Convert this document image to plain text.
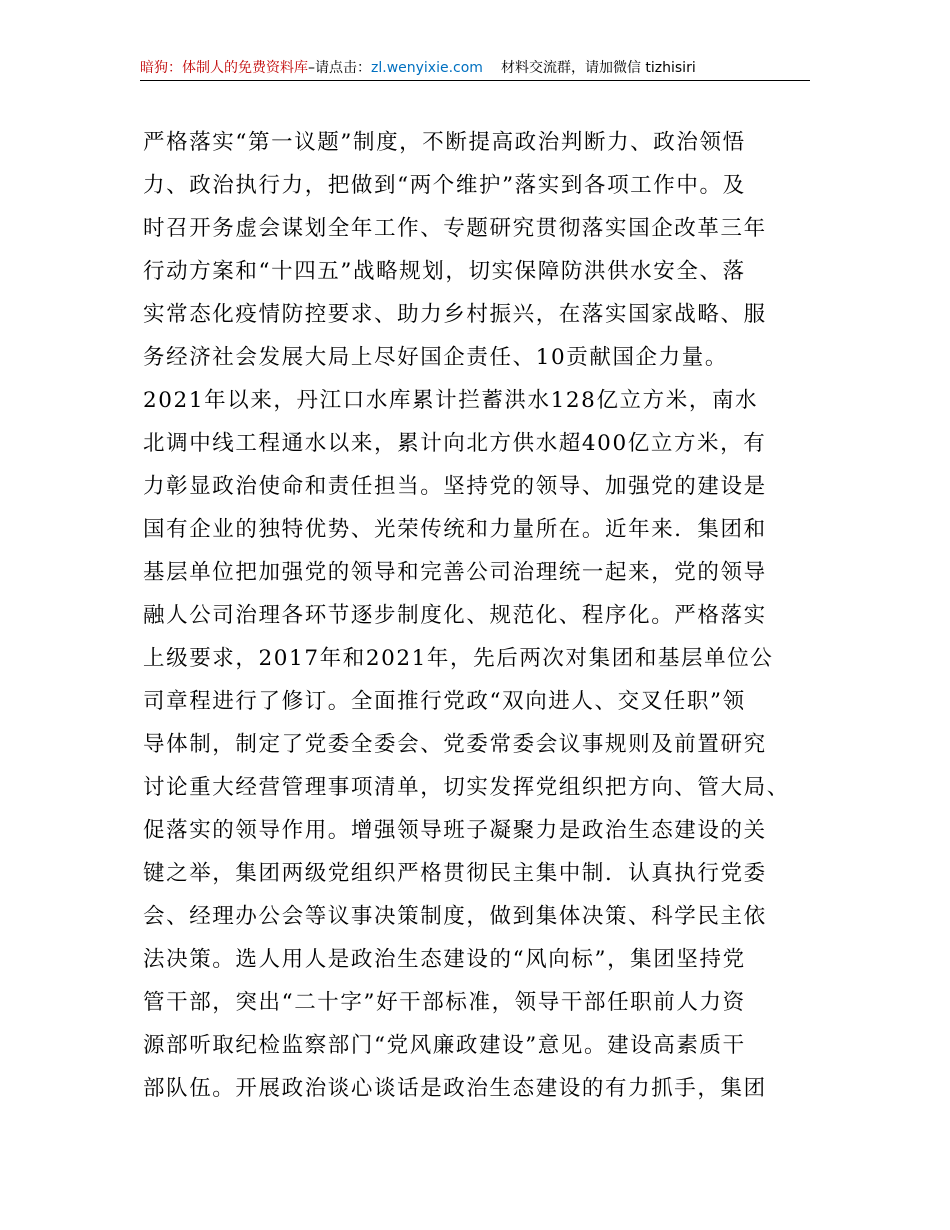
暗狗：体制人的免费资料库–请点击：zl.wenyixie.com 材料交流群，请加微信 tizhisiri
严格落实“第一议题”制度，不断提高政治判断力、政治领悟
力、政治执行力，把做到“两个维护”落实到各项工作中。及
时召开务虚会谋划全年工作、专题研究贯彻落实国企改革三年
行动方案和“十四五”战略规划，切实保障防洪供水安全、落
实常态化疫情防控要求、助力乡村振兴，在落实国家战略、服
务经济社会发展大局上尽好国企责任、10贡献国企力量。
2021年以来，丹江口水库累计拦蓄洪水128亿立方米，南水
北调中线工程通水以来，累计向北方供水超400亿立方米，有
力彰显政治使命和责任担当。坚持党的领导、加强党的建设是
国有企业的独特优势、光荣传统和力量所在。近年来．集团和
基层单位把加强党的领导和完善公司治理统一起来，党的领导
融人公司治理各环节逐步制度化、规范化、程序化。严格落实
上级要求，2017年和2021年，先后两次对集团和基层单位公
司章程进行了修订。全面推行党政“双向进人、交叉任职”领
导体制，制定了党委全委会、党委常委会议事规则及前置研究
讨论重大经营管理事项清单，切实发挥党组织把方向、管大局、
促落实的领导作用。增强领导班子凝聚力是政治生态建设的关
键之举，集团两级党组织严格贯彻民主集中制．认真执行党委
会、经理办公会等议事决策制度，做到集体决策、科学民主依
法决策。选人用人是政治生态建设的“风向标”，集团坚持党
管干部，突出“二十字”好干部标准，领导干部任职前人力资
源部听取纪检监察部门“党风廉政建设”意见。建设高素质干
部队伍。开展政治谈心谈话是政治生态建设的有力抓手，集团
